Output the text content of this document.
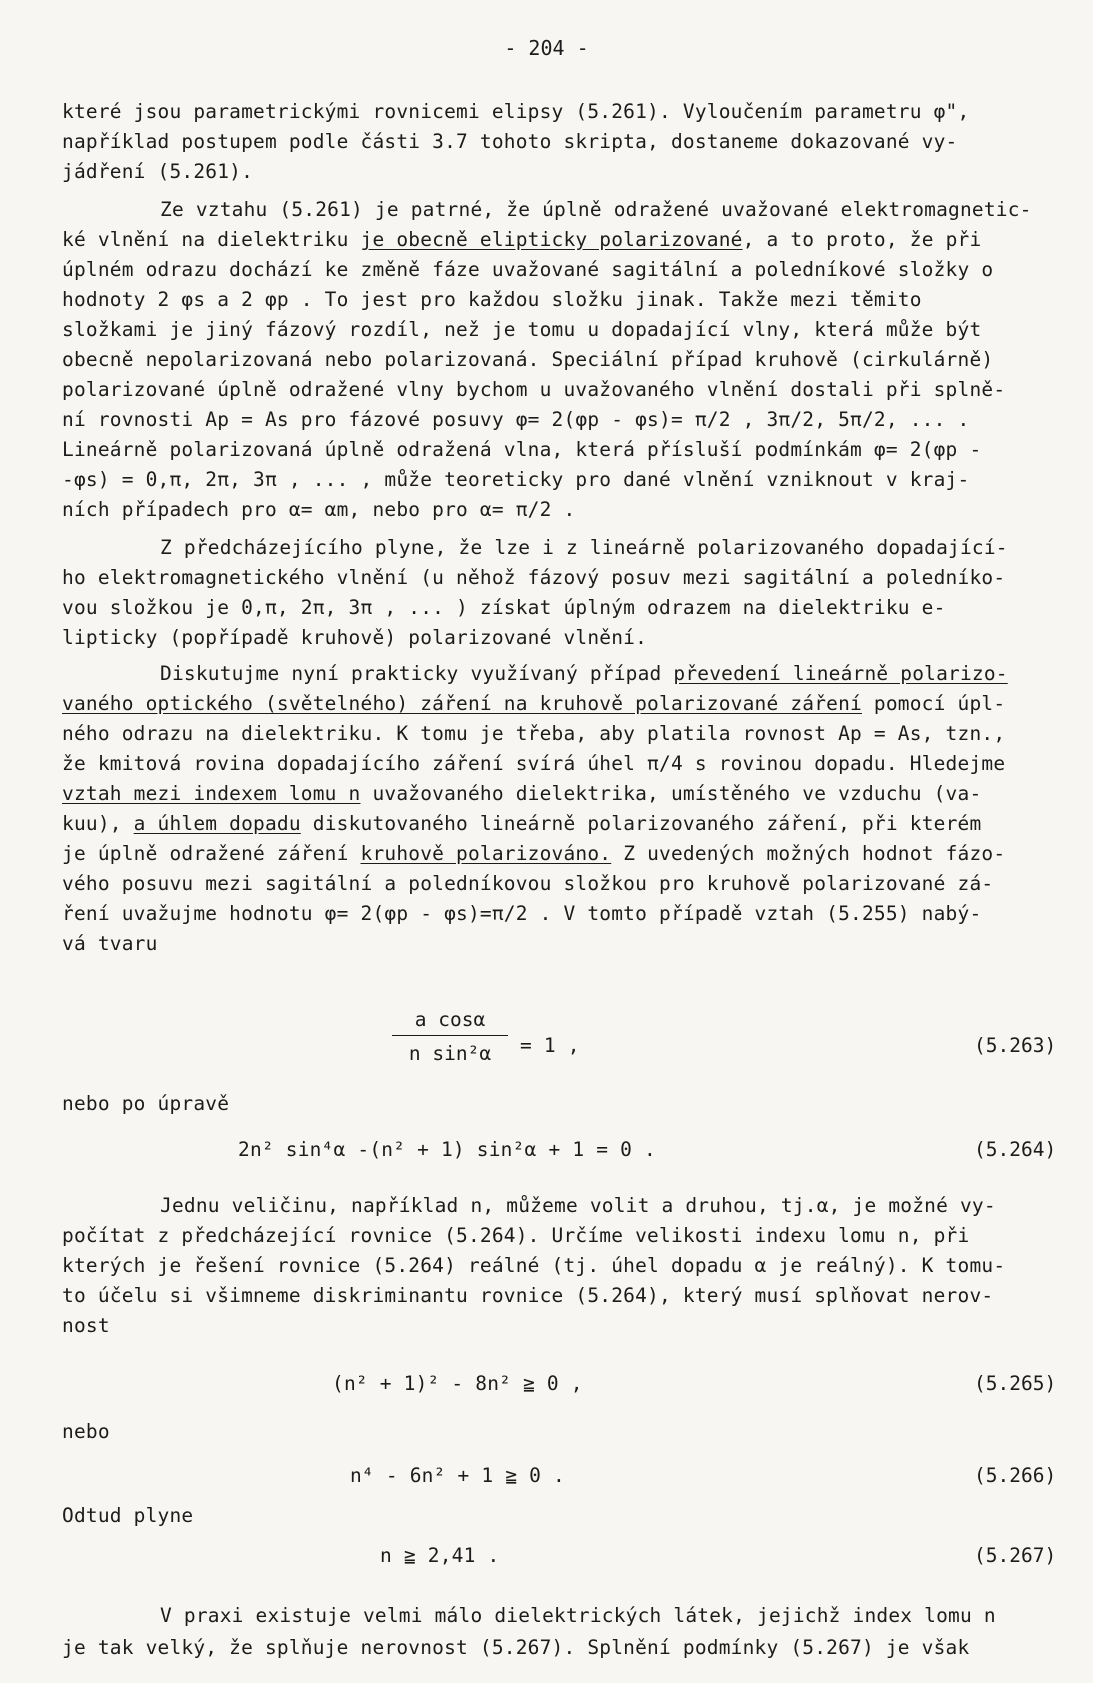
- 204 -
které jsou parametrickými rovnicemi elipsy (5.261). Vyloučením parametru φ",
například postupem podle části 3.7 tohoto skripta, dostaneme dokazované vy-
jádření (5.261).
Ze vztahu (5.261) je patrné, že úplně odražené uvažované elektromagnetic-
ké vlnění na dielektriku je obecně elipticky polarizované, a to proto, že při
úplném odrazu dochází ke změně fáze uvažované sagitální a poledníkové složky o
hodnoty 2 φs a 2 φp . To jest pro každou složku jinak. Takže mezi těmito
složkami je jiný fázový rozdíl, než je tomu u dopadající vlny, která může být
obecně nepolarizovaná nebo polarizovaná. Speciální případ kruhově (cirkulárně)
polarizované úplně odražené vlny bychom u uvažovaného vlnění dostali při splně-
ní rovnosti Ap = As pro fázové posuvy φ= 2(φp - φs)= π/2 , 3π/2, 5π/2, ... .
Lineárně polarizovaná úplně odražená vlna, která přísluší podmínkám φ= 2(φp -
-φs) = 0,π, 2π, 3π , ... , může teoreticky pro dané vlnění vzniknout v kraj-
ních případech pro α= αm, nebo pro α= π/2 .
Z předcházejícího plyne, že lze i z lineárně polarizovaného dopadající-
ho elektromagnetického vlnění (u něhož fázový posuv mezi sagitální a poledníko-
vou složkou je 0,π, 2π, 3π , ... ) získat úplným odrazem na dielektriku e-
lipticky (popřípadě kruhově) polarizované vlnění.
Diskutujme nyní prakticky využívaný případ převedení lineárně polarizo-
vaného optického (světelného) záření na kruhově polarizované záření pomocí úpl-
ného odrazu na dielektriku. K tomu je třeba, aby platila rovnost Ap = As, tzn.,
že kmitová rovina dopadajícího záření svírá úhel π/4 s rovinou dopadu. Hledejme
vztah mezi indexem lomu n uvažovaného dielektrika, umístěného ve vzduchu (va-
kuu), a úhlem dopadu diskutovaného lineárně polarizovaného záření, při kterém
je úplně odražené záření kruhově polarizováno. Z uvedených možných hodnot fázo-
vého posuvu mezi sagitální a poledníkovou složkou pro kruhově polarizované zá-
ření uvažujme hodnotu φ= 2(φp - φs)=π/2 . V tomto případě vztah (5.255) nabý-
vá tvaru
a cosα
n sin²α	= 1 ,	(5.263)
nebo po úpravě
2n² sin⁴α -(n² + 1) sin²α + 1 = 0 .	(5.264)
Jednu veličinu, například n, můžeme volit a druhou, tj.α, je možné vy-
počítat z předcházející rovnice (5.264). Určíme velikosti indexu lomu n, při
kterých je řešení rovnice (5.264) reálné (tj. úhel dopadu α je reálný). K tomu-
to účelu si všimneme diskriminantu rovnice (5.264), který musí splňovat nerov-
nost
(n² + 1)² - 8n² ≧ 0 ,	(5.265)
nebo
n⁴ - 6n² + 1 ≧ 0 .	(5.266)
Odtud plyne
n ≧ 2,41 .	(5.267)
V praxi existuje velmi málo dielektrických látek, jejichž index lomu n
je tak velký, že splňuje nerovnost (5.267). Splnění podmínky (5.267) je však
